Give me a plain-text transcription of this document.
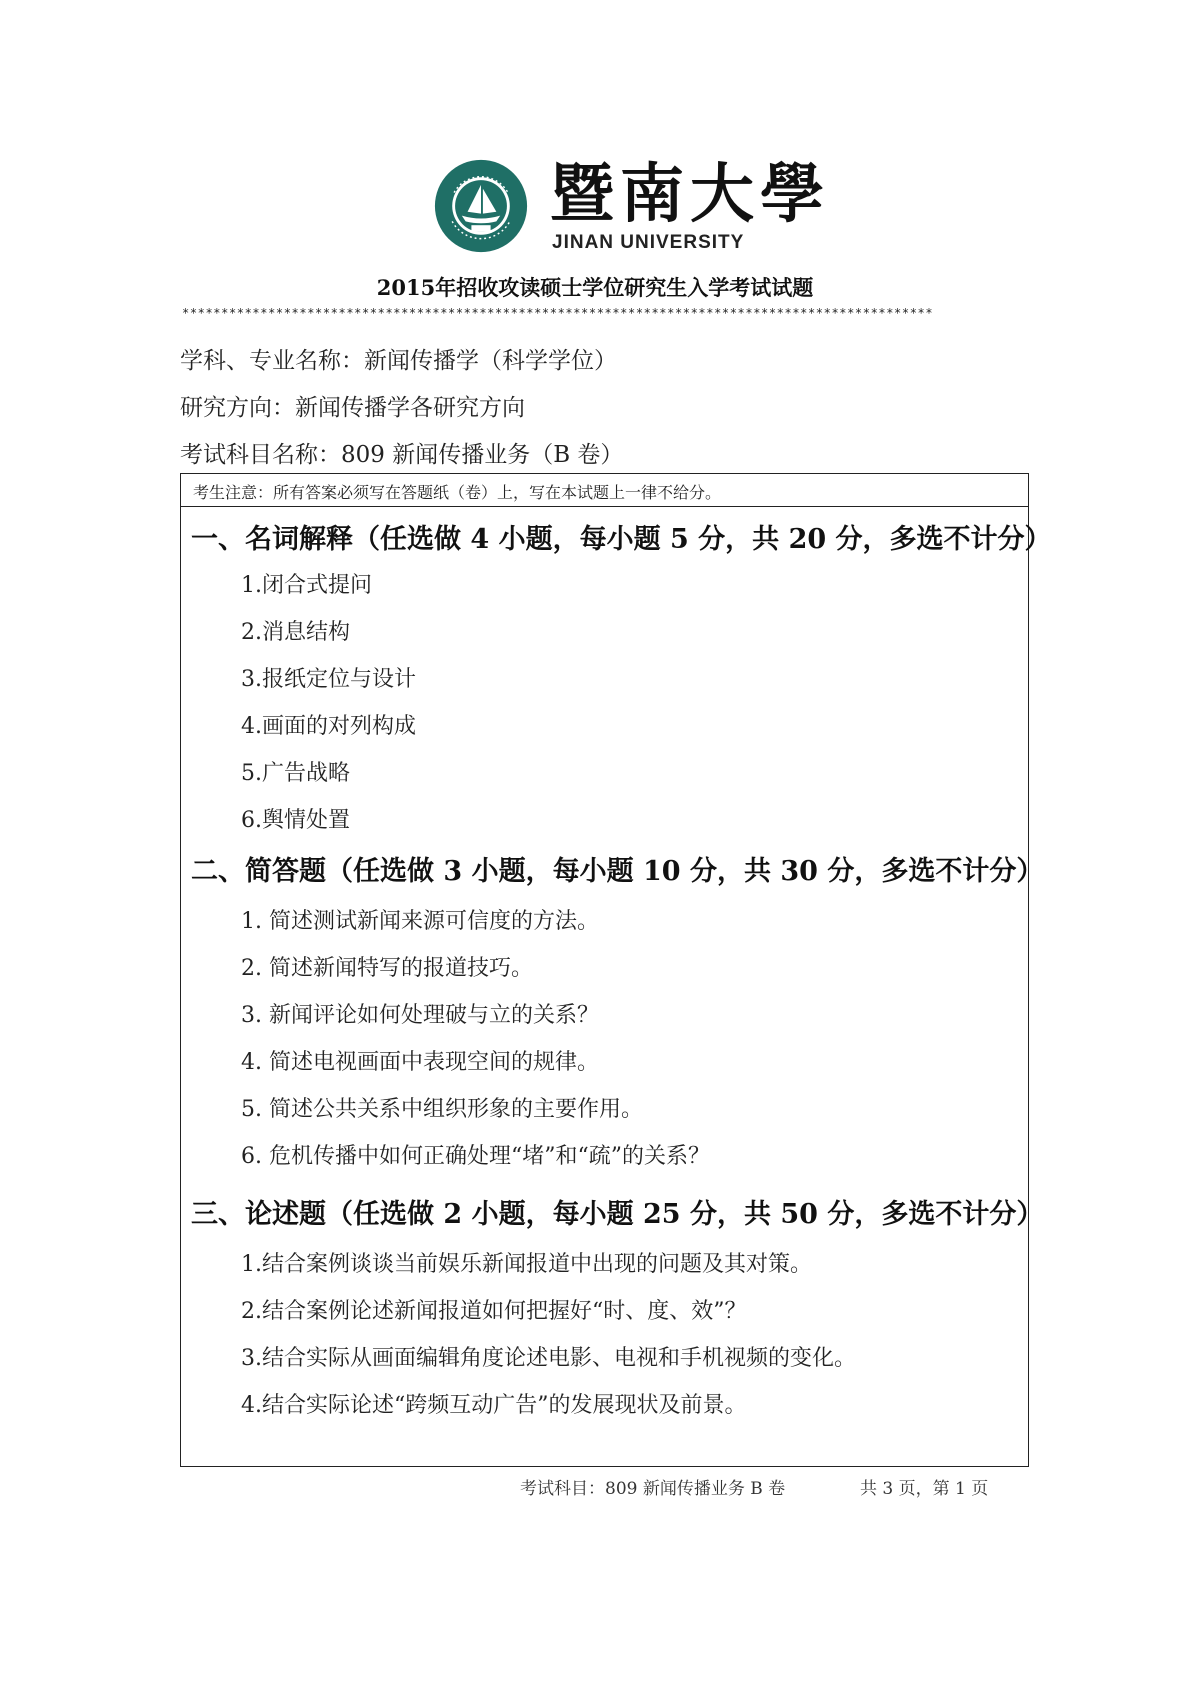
暨南大學
JINAN UNIVERSITY
2015年招收攻读硕士学位研究生入学考试试题
************************************************************************************************
学科、专业名称：新闻传播学（科学学位）
研究方向：新闻传播学各研究方向
考试科目名称：809 新闻传播业务（B 卷）
考生注意：所有答案必须写在答题纸（卷）上，写在本试题上一律不给分。
一、名词解释（任选做 4 小题，每小题 5 分，共 20 分，多选不计分）
1.闭合式提问
2.消息结构
3.报纸定位与设计
4.画面的对列构成
5.广告战略
6.舆情处置
二、简答题（任选做 3 小题，每小题 10 分，共 30 分，多选不计分）
1. 简述测试新闻来源可信度的方法。
2. 简述新闻特写的报道技巧。
3. 新闻评论如何处理破与立的关系？
4. 简述电视画面中表现空间的规律。
5. 简述公共关系中组织形象的主要作用。
6. 危机传播中如何正确处理“堵”和“疏”的关系？
三、论述题（任选做 2 小题，每小题 25 分，共 50 分，多选不计分）
1.结合案例谈谈当前娱乐新闻报道中出现的问题及其对策。
2.结合案例论述新闻报道如何把握好“时、度、效”？
3.结合实际从画面编辑角度论述电影、电视和手机视频的变化。
4.结合实际论述“跨频互动广告”的发展现状及前景。
考试科目：809 新闻传播业务 B 卷	共 3 页，第 1 页
